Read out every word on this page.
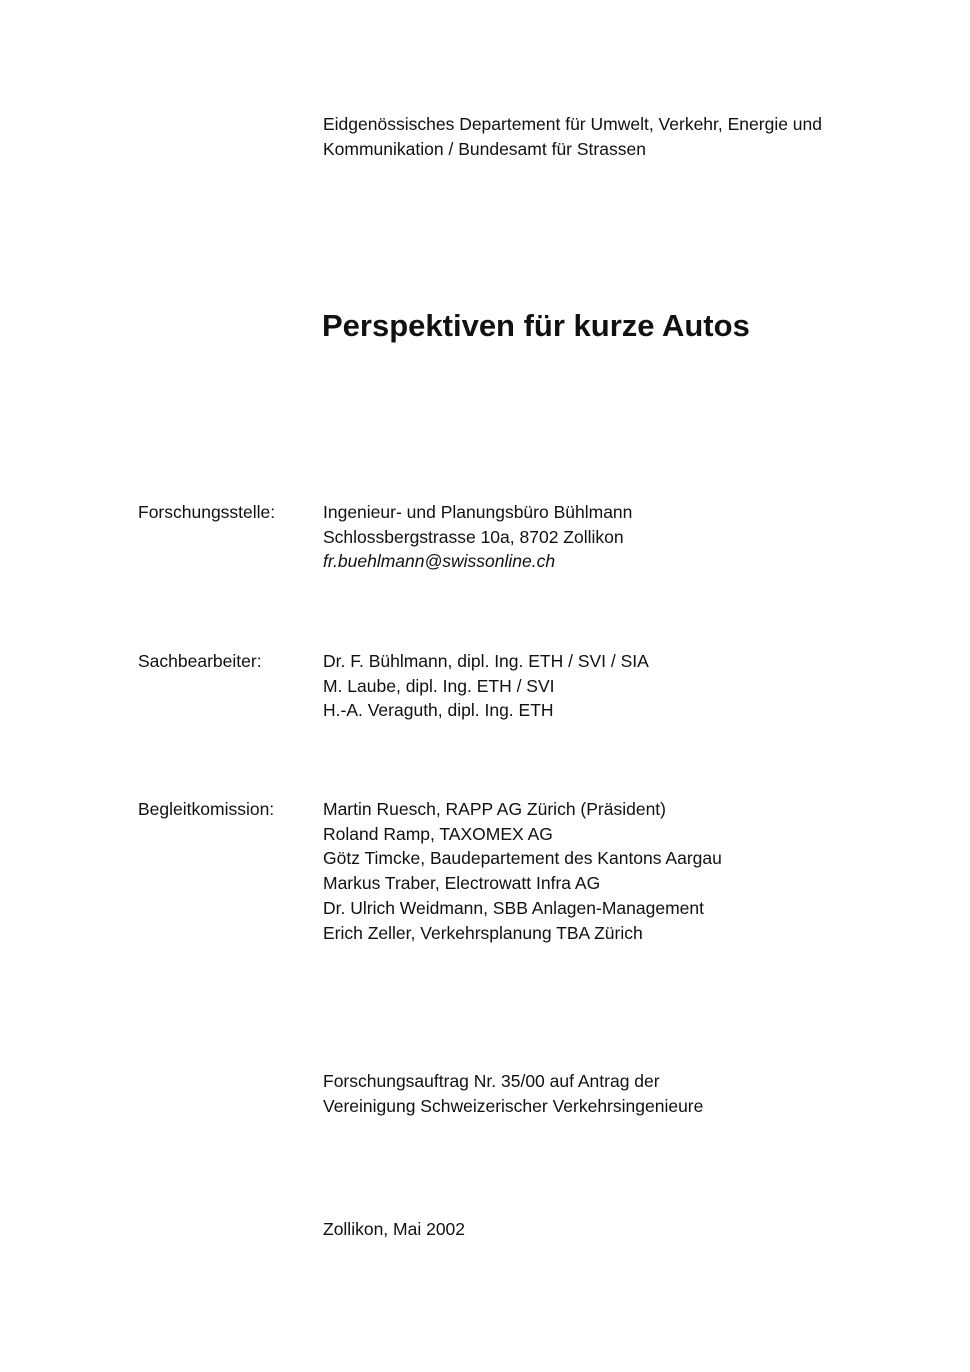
Eidgenössisches Departement für Umwelt, Verkehr, Energie und
Kommunikation / Bundesamt für Strassen
Perspektiven für kurze Autos
Forschungsstelle:	Ingenieur- und Planungsbüro Bühlmann
Schlossbergstrasse 10a, 8702 Zollikon
fr.buehlmann@swissonline.ch
Sachbearbeiter:	Dr. F. Bühlmann, dipl. Ing. ETH / SVI / SIA
M. Laube, dipl. Ing. ETH / SVI
H.-A. Veraguth, dipl. Ing. ETH
Begleitkomission:	Martin Ruesch, RAPP AG Zürich (Präsident)
Roland Ramp, TAXOMEX AG
Götz Timcke, Baudepartement des Kantons Aargau
Markus Traber, Electrowatt Infra AG
Dr. Ulrich Weidmann, SBB Anlagen-Management
Erich Zeller, Verkehrsplanung TBA Zürich
Forschungsauftrag Nr. 35/00 auf Antrag der
Vereinigung Schweizerischer Verkehrsingenieure
Zollikon, Mai 2002
